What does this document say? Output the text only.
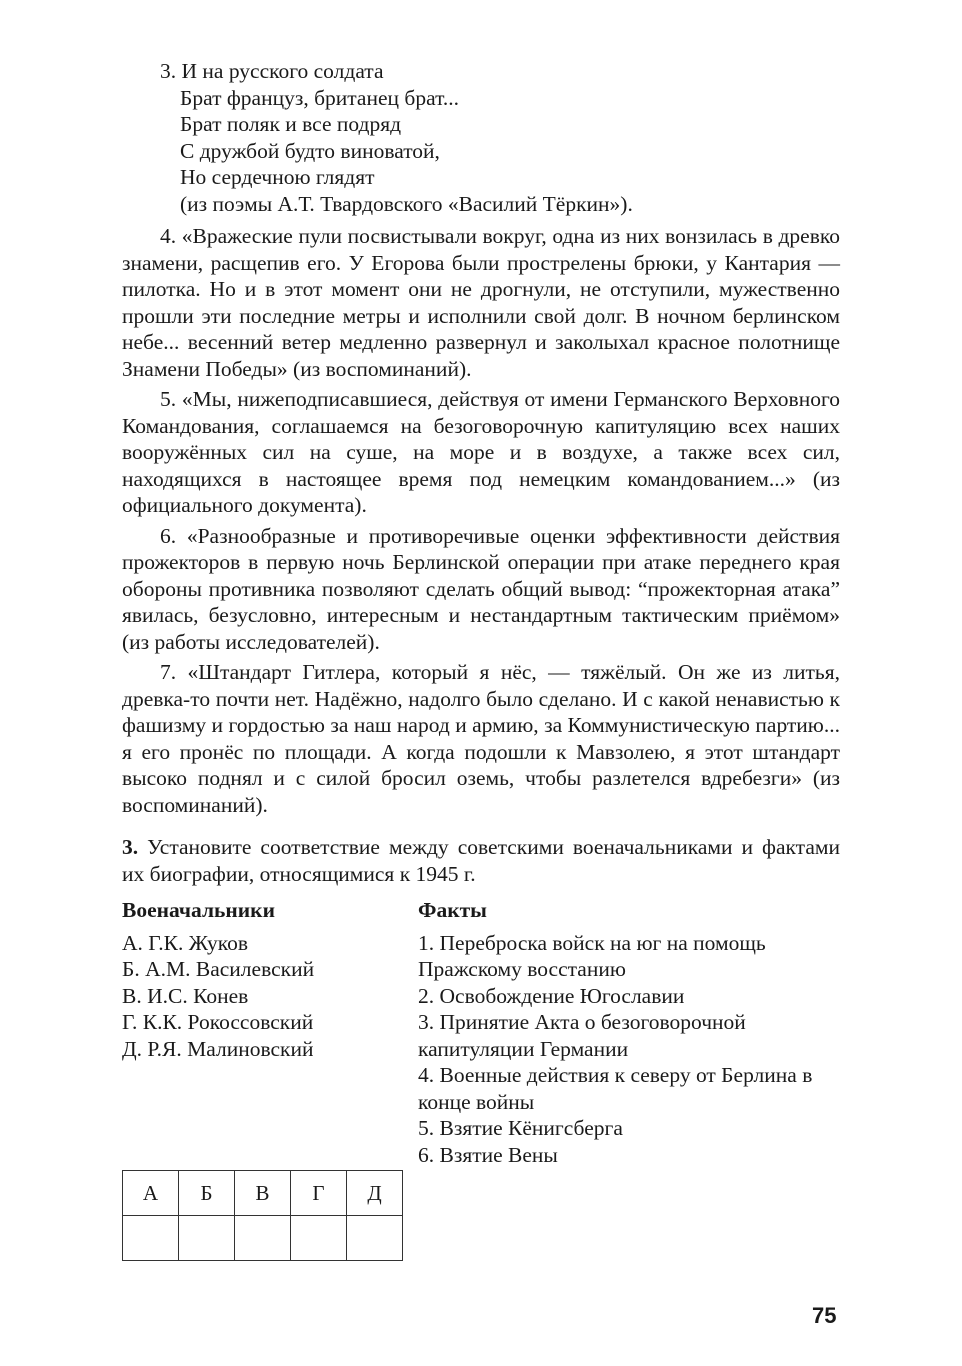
3. И на русского солдата
Брат француз, британец брат...
Брат поляк и все подряд
С дружбой будто виноватой,
Но сердечною глядят
(из поэмы А.Т. Твардовского «Василий Тёркин»).

4. «Вражеские пули посвистывали вокруг, одна из них вонзилась в древко знамени, расщепив его. У Егорова были прострелены брюки, у Кантария — пилотка. Но и в этот момент они не дрогнули, не отступили, мужественно прошли эти последние метры и исполнили свой долг. В ночном берлинском небе... весенний ветер медленно развернул и заколыхал красное полотнище Знамени Победы» (из воспоминаний).

5. «Мы, нижеподписавшиеся, действуя от имени Германского Верховного Командования, соглашаемся на безоговорочную капитуляцию всех наших вооружённых сил на суше, на море и в воздухе, а также всех сил, находящихся в настоящее время под немецким командованием...» (из официального документа).

6. «Разнообразные и противоречивые оценки эффективности действия прожекторов в первую ночь Берлинской операции при атаке переднего края обороны противника позволяют сделать общий вывод: “прожекторная атака” явилась, безусловно, интересным и нестандартным тактическим приёмом» (из работы исследователей).

7. «Штандарт Гитлера, который я нёс, — тяжёлый. Он же из литья, древка-то почти нет. Надёжно, надолго было сделано. И с какой ненавистью к фашизму и гордостью за наш народ и армию, за Коммунистическую партию... я его пронёс по площади. А когда подошли к Мавзолею, я этот штандарт высоко поднял и с силой бросил оземь, чтобы разлетелся вдребезги» (из воспоминаний).

3. Установите соответствие между советскими военачальниками и фактами их биографии, относящимися к 1945 г.
Военачальники
А. Г.К. Жуков
Б. А.М. Василевский
В. И.С. Конев
Г. К.К. Рокоссовский
Д. Р.Я. Малиновский
Факты
1. Переброска войск на юг на помощь Пражскому восстанию
2. Освобождение Югославии
3. Принятие Акта о безоговорочной капитуляции Германии
4. Военные действия к северу от Берлина в конце войны
5. Взятие Кёнигсберга
6. Взятие Вены
А	Б	В	Г	Д

75
